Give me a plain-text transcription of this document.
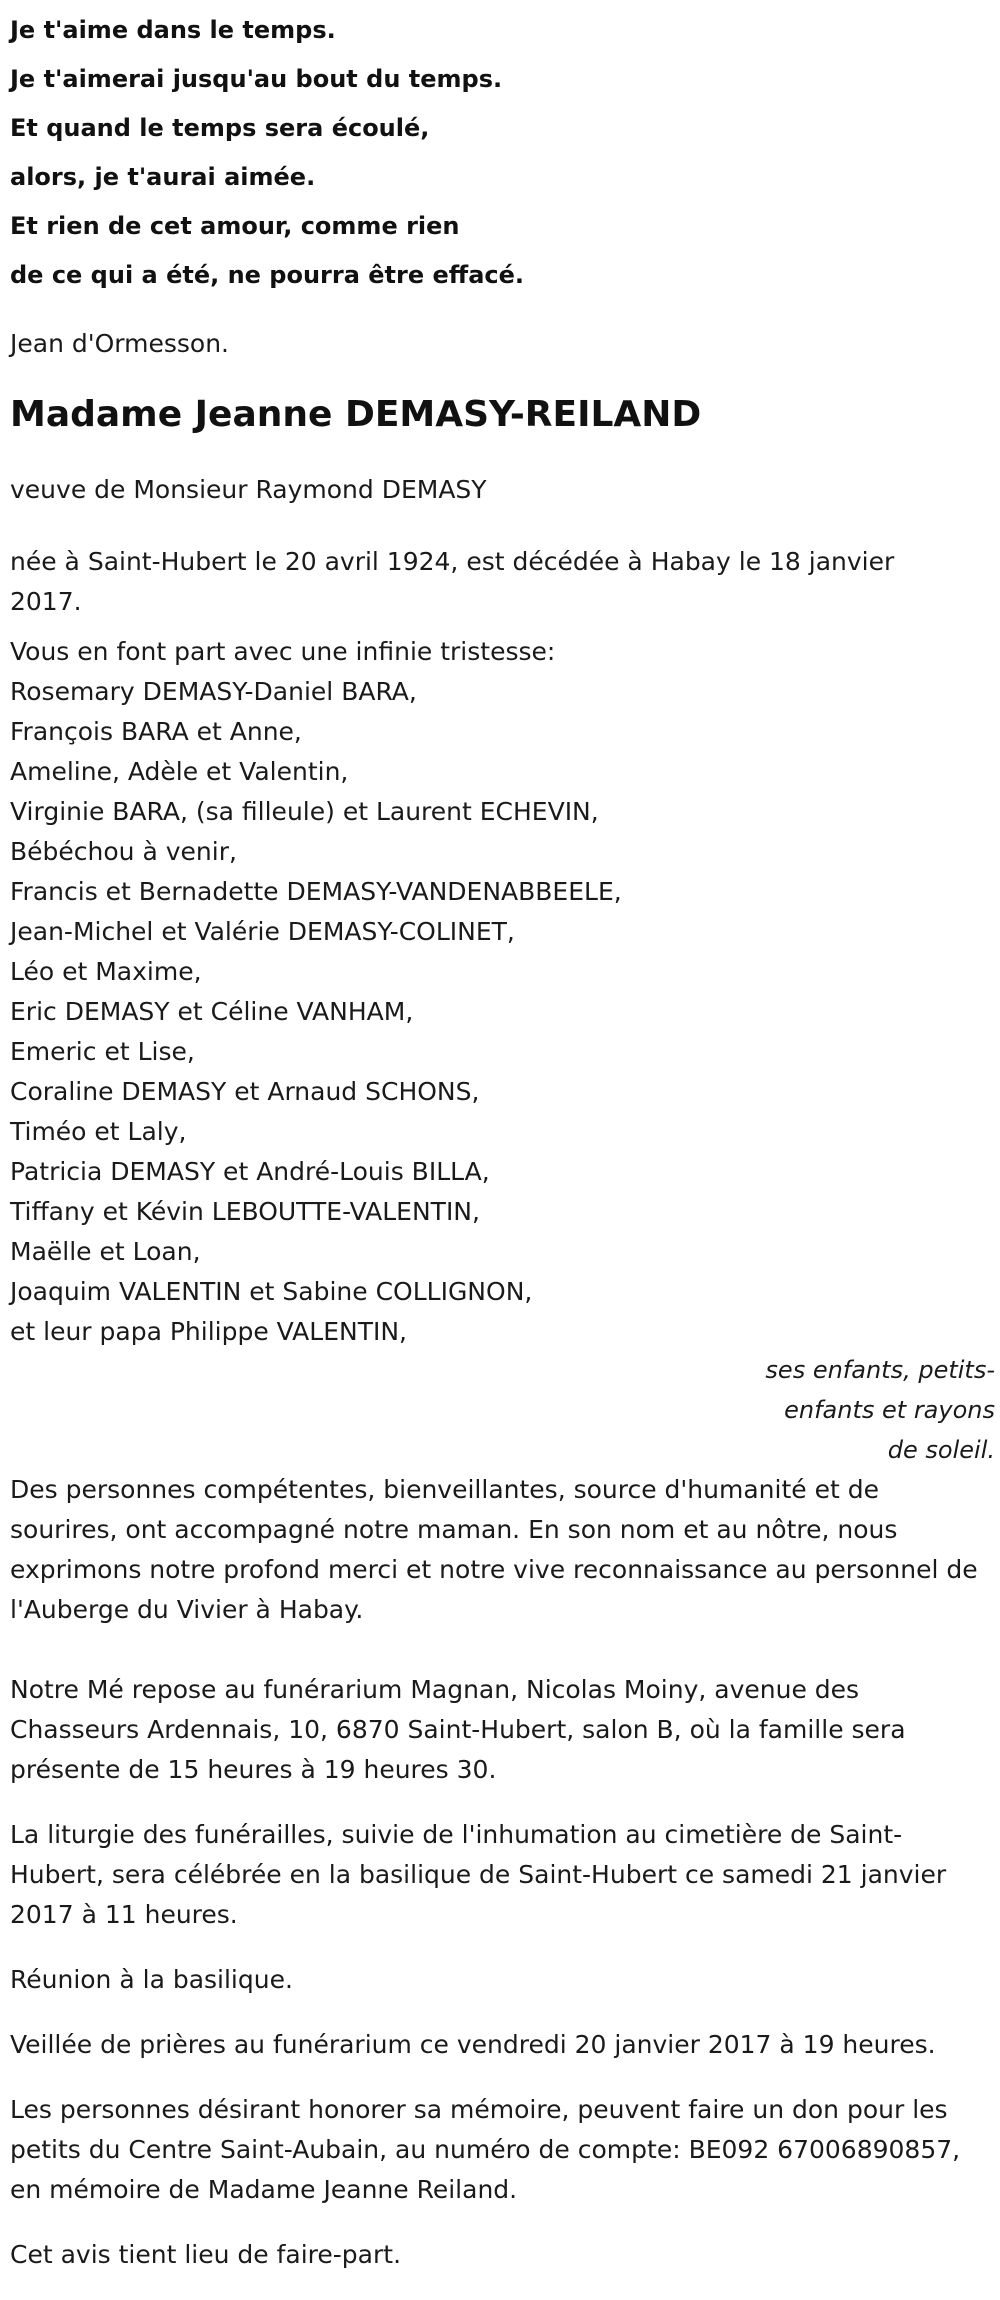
Je t'aime dans le temps.
Je t'aimerai jusqu'au bout du temps.
Et quand le temps sera écoulé,
alors, je t'aurai aimée.
Et rien de cet amour, comme rien
de ce qui a été, ne pourra être effacé.
Jean d'Ormesson.
Madame Jeanne DEMASY-REILAND
veuve de Monsieur Raymond DEMASY
née à Saint-Hubert le 20 avril 1924, est décédée à Habay le 18 janvier 2017.
Vous en font part avec une infinie tristesse:
Rosemary DEMASY-Daniel BARA,
François BARA et Anne,
Ameline, Adèle et Valentin,
Virginie BARA, (sa filleule) et Laurent ECHEVIN,
Bébéchou à venir,
Francis et Bernadette DEMASY-VANDENABBEELE,
Jean-Michel et Valérie DEMASY-COLINET,
Léo et Maxime,
Eric DEMASY et Céline VANHAM,
Emeric et Lise,
Coraline DEMASY et Arnaud SCHONS,
Timéo et Laly,
Patricia DEMASY et André-Louis BILLA,
Tiffany et Kévin LEBOUTTE-VALENTIN,
Maëlle et Loan,
Joaquim VALENTIN et Sabine COLLIGNON,
et leur papa Philippe VALENTIN,
ses enfants, petits-
enfants et rayons
de soleil.

Des personnes compétentes, bienveillantes, source d'humanité et de sourires, ont accompagné notre maman. En son nom et au nôtre, nous exprimons notre profond merci et notre vive reconnaissance au personnel de l'Auberge du Vivier à Habay.

Notre Mé repose au funérarium Magnan, Nicolas Moiny, avenue des Chasseurs Ardennais, 10, 6870 Saint-Hubert, salon B, où la famille sera présente de 15 heures à 19 heures 30.

La liturgie des funérailles, suivie de l'inhumation au cimetière de Saint-Hubert, sera célébrée en la basilique de Saint-Hubert ce samedi 21 janvier 2017 à 11 heures.

Réunion à la basilique.

Veillée de prières au funérarium ce vendredi 20 janvier 2017 à 19 heures.

Les personnes désirant honorer sa mémoire, peuvent faire un don pour les petits du Centre Saint-Aubain, au numéro de compte: BE092 67006890857, en mémoire de Madame Jeanne Reiland.

Cet avis tient lieu de faire-part.
